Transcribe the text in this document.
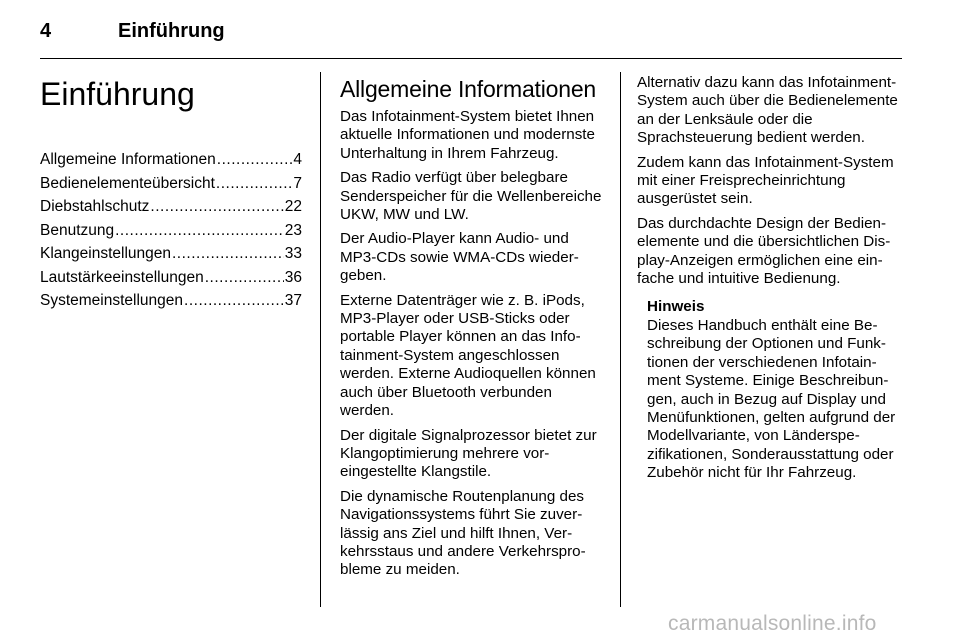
4	Einführung
Einführung
Allgemeine Informationen .....	4
Bedienelementeübersicht .....	7
Diebstahlschutz .....	22
Benutzung .....	23
Klangeinstellungen .....	33
Lautstärkeeinstellungen .....	36
Systemeinstellungen .....	37
Allgemeine Informationen

Das Infotainment-System bietet Ihnen aktuelle Informationen und modernste Unterhaltung in Ihrem Fahrzeug.

Das Radio verfügt über belegbare Senderspeicher für die Wellenbereiche UKW, MW und LW.

Der Audio-Player kann Audio- und MP3-CDs sowie WMA-CDs wiedergeben.

Externe Datenträger wie z. B. iPods, MP3-Player oder USB-Sticks oder portable Player können an das Infotainment-System angeschlossen werden. Externe Audioquellen können auch über Bluetooth verbunden werden.

Der digitale Signalprozessor bietet zur Klangoptimierung mehrere voreingestellte Klangstile.

Die dynamische Routenplanung des Navigationssystems führt Sie zuverlässig ans Ziel und hilft Ihnen, Verkehrsstaus und andere Verkehrsprobleme zu meiden.

Alternativ dazu kann das Infotainment-System auch über die Bedienelemente an der Lenksäule oder die Sprachsteuerung bedient werden.

Zudem kann das Infotainment-System mit einer Freisprecheinrichtung ausgerüstet sein.

Das durchdachte Design der Bedienelemente und die übersichtlichen Display-Anzeigen ermöglichen eine einfache und intuitive Bedienung.

Hinweis

Dieses Handbuch enthält eine Beschreibung der Optionen und Funktionen der verschiedenen Infotainment Systeme. Einige Beschreibungen, auch in Bezug auf Display und Menüfunktionen, gelten aufgrund der Modellvariante, von Länderspezifikationen, Sonderausstattung oder Zubehör nicht für Ihr Fahrzeug.

carmanualsonline.info
